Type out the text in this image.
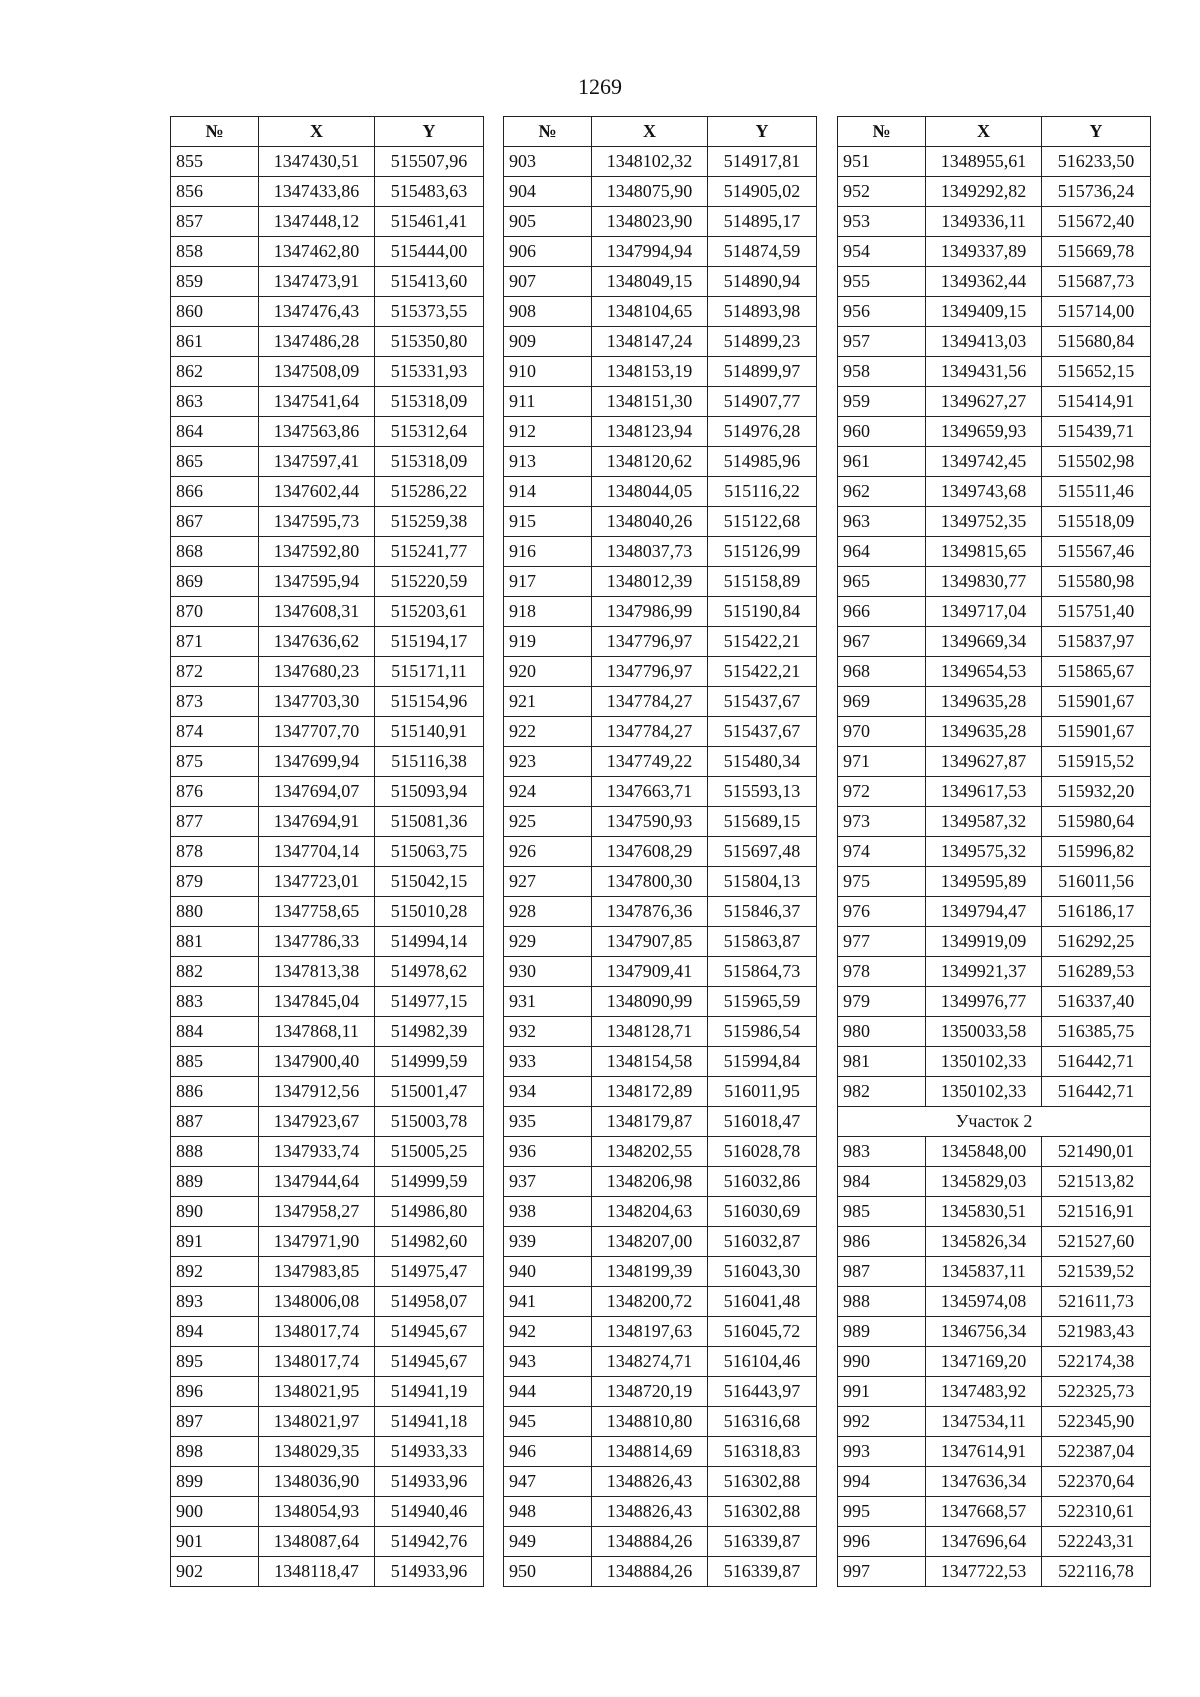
1269
№	X	Y
855	1347430,51	515507,96
856	1347433,86	515483,63
857	1347448,12	515461,41
858	1347462,80	515444,00
859	1347473,91	515413,60
860	1347476,43	515373,55
861	1347486,28	515350,80
862	1347508,09	515331,93
863	1347541,64	515318,09
864	1347563,86	515312,64
865	1347597,41	515318,09
866	1347602,44	515286,22
867	1347595,73	515259,38
868	1347592,80	515241,77
869	1347595,94	515220,59
870	1347608,31	515203,61
871	1347636,62	515194,17
872	1347680,23	515171,11
873	1347703,30	515154,96
874	1347707,70	515140,91
875	1347699,94	515116,38
876	1347694,07	515093,94
877	1347694,91	515081,36
878	1347704,14	515063,75
879	1347723,01	515042,15
880	1347758,65	515010,28
881	1347786,33	514994,14
882	1347813,38	514978,62
883	1347845,04	514977,15
884	1347868,11	514982,39
885	1347900,40	514999,59
886	1347912,56	515001,47
887	1347923,67	515003,78
888	1347933,74	515005,25
889	1347944,64	514999,59
890	1347958,27	514986,80
891	1347971,90	514982,60
892	1347983,85	514975,47
893	1348006,08	514958,07
894	1348017,74	514945,67
895	1348017,74	514945,67
896	1348021,95	514941,19
897	1348021,97	514941,18
898	1348029,35	514933,33
899	1348036,90	514933,96
900	1348054,93	514940,46
901	1348087,64	514942,76
902	1348118,47	514933,96
№	X	Y
903	1348102,32	514917,81
904	1348075,90	514905,02
905	1348023,90	514895,17
906	1347994,94	514874,59
907	1348049,15	514890,94
908	1348104,65	514893,98
909	1348147,24	514899,23
910	1348153,19	514899,97
911	1348151,30	514907,77
912	1348123,94	514976,28
913	1348120,62	514985,96
914	1348044,05	515116,22
915	1348040,26	515122,68
916	1348037,73	515126,99
917	1348012,39	515158,89
918	1347986,99	515190,84
919	1347796,97	515422,21
920	1347796,97	515422,21
921	1347784,27	515437,67
922	1347784,27	515437,67
923	1347749,22	515480,34
924	1347663,71	515593,13
925	1347590,93	515689,15
926	1347608,29	515697,48
927	1347800,30	515804,13
928	1347876,36	515846,37
929	1347907,85	515863,87
930	1347909,41	515864,73
931	1348090,99	515965,59
932	1348128,71	515986,54
933	1348154,58	515994,84
934	1348172,89	516011,95
935	1348179,87	516018,47
936	1348202,55	516028,78
937	1348206,98	516032,86
938	1348204,63	516030,69
939	1348207,00	516032,87
940	1348199,39	516043,30
941	1348200,72	516041,48
942	1348197,63	516045,72
943	1348274,71	516104,46
944	1348720,19	516443,97
945	1348810,80	516316,68
946	1348814,69	516318,83
947	1348826,43	516302,88
948	1348826,43	516302,88
949	1348884,26	516339,87
950	1348884,26	516339,87
№	X	Y
951	1348955,61	516233,50
952	1349292,82	515736,24
953	1349336,11	515672,40
954	1349337,89	515669,78
955	1349362,44	515687,73
956	1349409,15	515714,00
957	1349413,03	515680,84
958	1349431,56	515652,15
959	1349627,27	515414,91
960	1349659,93	515439,71
961	1349742,45	515502,98
962	1349743,68	515511,46
963	1349752,35	515518,09
964	1349815,65	515567,46
965	1349830,77	515580,98
966	1349717,04	515751,40
967	1349669,34	515837,97
968	1349654,53	515865,67
969	1349635,28	515901,67
970	1349635,28	515901,67
971	1349627,87	515915,52
972	1349617,53	515932,20
973	1349587,32	515980,64
974	1349575,32	515996,82
975	1349595,89	516011,56
976	1349794,47	516186,17
977	1349919,09	516292,25
978	1349921,37	516289,53
979	1349976,77	516337,40
980	1350033,58	516385,75
981	1350102,33	516442,71
982	1350102,33	516442,71
Участок 2		
983	1345848,00	521490,01
984	1345829,03	521513,82
985	1345830,51	521516,91
986	1345826,34	521527,60
987	1345837,11	521539,52
988	1345974,08	521611,73
989	1346756,34	521983,43
990	1347169,20	522174,38
991	1347483,92	522325,73
992	1347534,11	522345,90
993	1347614,91	522387,04
994	1347636,34	522370,64
995	1347668,57	522310,61
996	1347696,64	522243,31
997	1347722,53	522116,78
